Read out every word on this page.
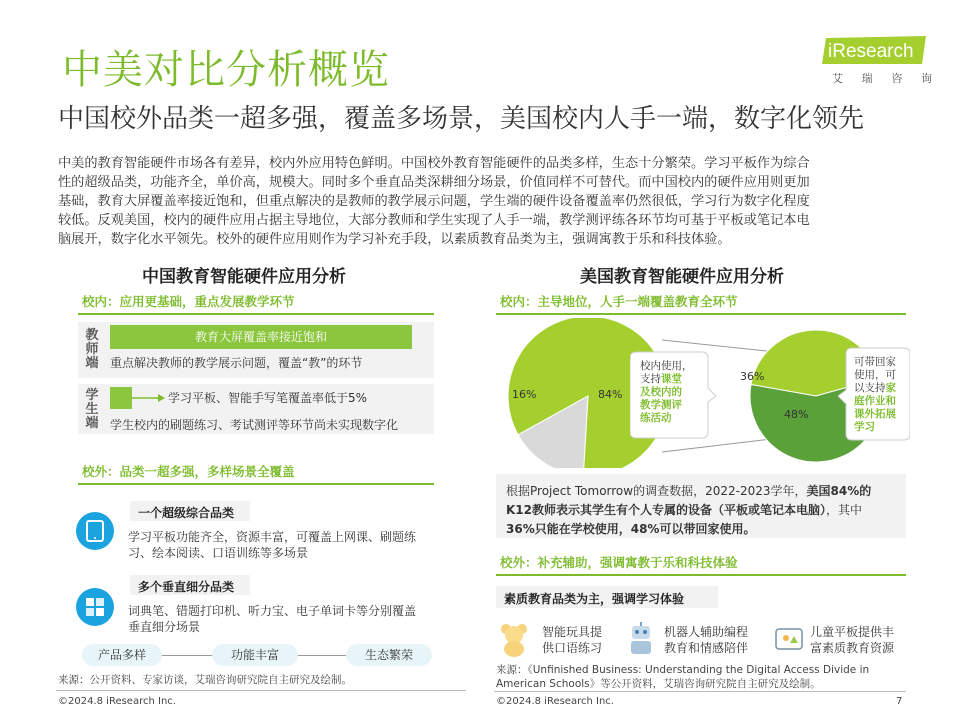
中美对比分析概览
中国校外品类一超多强，覆盖多场景，美国校内人手一端，数字化领先
iResearch
艾 瑞 咨 询
中美的教育智能硬件市场各有差异，校内外应用特色鲜明。中国校外教育智能硬件的品类多样，生态十分繁荣。学习平板作为综合
性的超级品类，功能齐全，单价高，规模大。同时多个垂直品类深耕细分场景，价值同样不可替代。而中国校内的硬件应用则更加
基础，教育大屏覆盖率接近饱和，但重点解决的是教师的教学展示问题，学生端的硬件设备覆盖率仍然很低，学习行为数字化程度
较低。反观美国，校内的硬件应用占据主导地位，大部分教师和学生实现了人手一端，教学测评练各环节均可基于平板或笔记本电
脑展开，数字化水平领先。校外的硬件应用则作为学习补充手段，以素质教育品类为主，强调寓教于乐和科技体验。
中国教育智能硬件应用分析
校内：应用更基础，重点发展教学环节
教
师
端
教育大屏覆盖率接近饱和
重点解决教师的教学展示问题，覆盖“教”的环节
学
生
端
学习平板、智能手写笔覆盖率低于5%
学生校内的刷题练习、考试测评等环节尚未实现数字化
校外：品类一超多强，多样场景全覆盖
一个超级综合品类
学习平板功能齐全，资源丰富，可覆盖上网课、刷题练
习、绘本阅读、口语训练等多场景
多个垂直细分品类
词典笔、错题打印机、听力宝、电子单词卡等分别覆盖
垂直细分场景
产品多样	功能丰富	生态繁荣
来源：公开资料、专家访谈，艾瑞咨询研究院自主研究及绘制。
©2024.8 iResearch Inc.
美国教育智能硬件应用分析
校内：主导地位，人手一端覆盖教育全环节
16%	84%
36%
48%
校内使用，
支持课堂
及校内的
教学测评
练活动
可带回家
使用，可
以支持家
庭作业和
课外拓展
学习
根据Project Tomorrow的调查数据，2022-2023学年，美国84%的
K12教师表示其学生有个人专属的设备（平板或笔记本电脑），其中
36%只能在学校使用，48%可以带回家使用。
校外：补充辅助，强调寓教于乐和科技体验
素质教育品类为主，强调学习体验
智能玩具提
供口语练习
机器人辅助编程
教育和情感陪伴
儿童平板提供丰
富素质教育资源
来源：《Unfinished Business: Understanding the Digital Access Divide in
American Schools》等公开资料，艾瑞咨询研究院自主研究及绘制。
©2024.8 iResearch Inc.	7
